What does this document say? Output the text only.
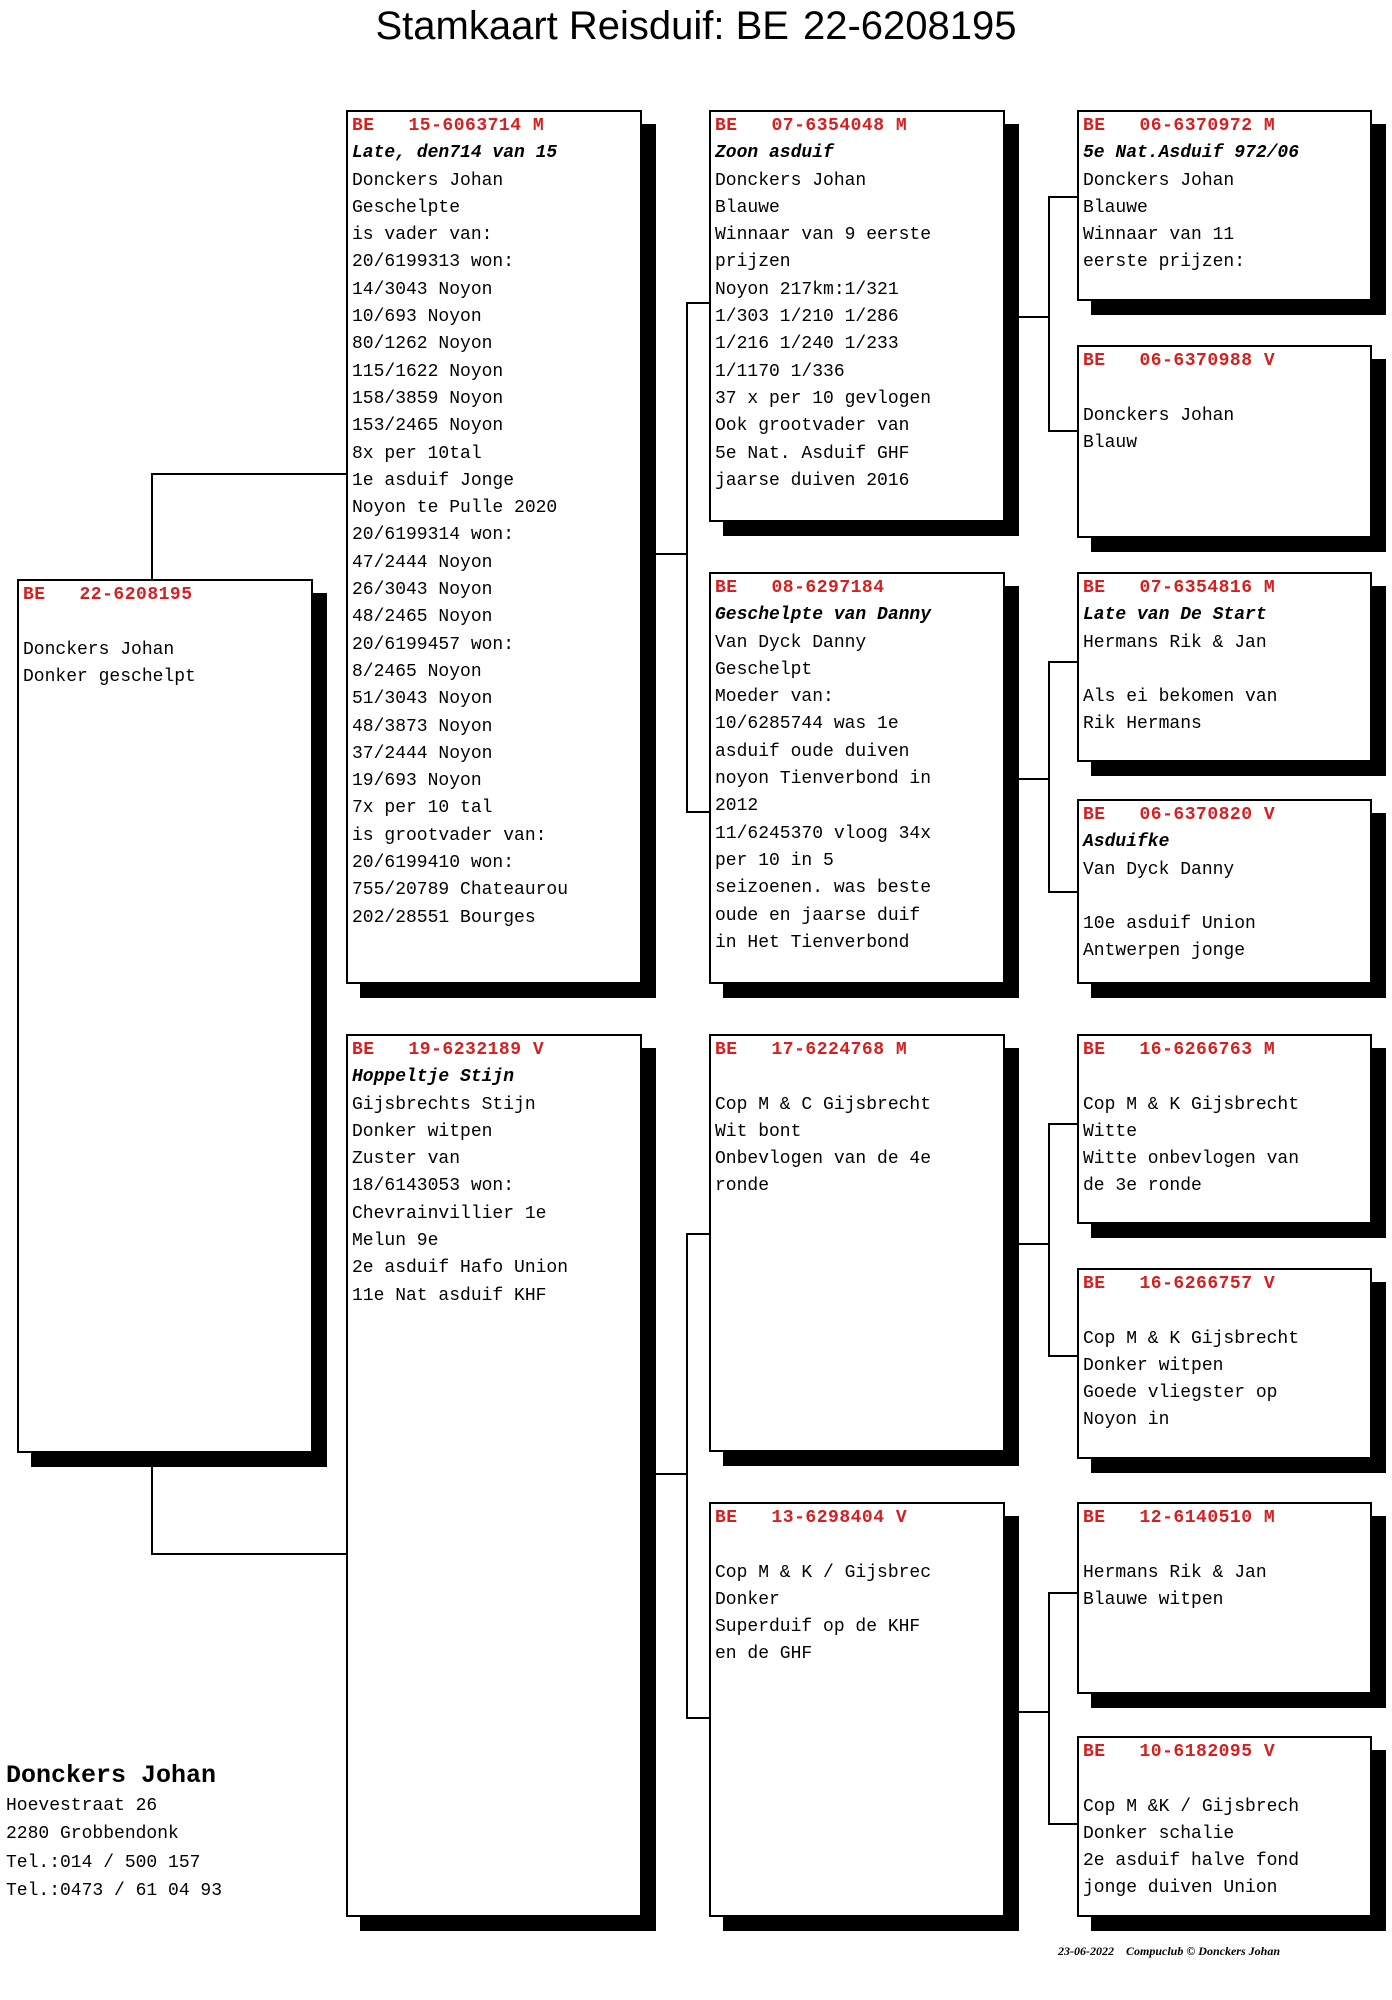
Stamkaart Reisduif: BE 22-6208195
BE   22-6208195

Donckers Johan
Donker geschelpt
BE   15-6063714 M
Late, den714 van 15
Donckers Johan
Geschelpte
is vader van:
20/6199313 won:
14/3043 Noyon
10/693 Noyon
80/1262 Noyon
115/1622 Noyon
158/3859 Noyon
153/2465 Noyon
8x per 10tal
1e asduif Jonge
Noyon te Pulle 2020
20/6199314 won:
47/2444 Noyon
26/3043 Noyon
48/2465 Noyon
20/6199457 won:
8/2465 Noyon
51/3043 Noyon
48/3873 Noyon
37/2444 Noyon
19/693 Noyon
7x per 10 tal
is grootvader van:
20/6199410 won:
755/20789 Chateaurou
202/28551 Bourges
BE   19-6232189 V
Hoppeltje Stijn
Gijsbrechts Stijn
Donker witpen
Zuster van
18/6143053 won:
Chevrainvillier 1e
Melun 9e
2e asduif Hafo Union
11e Nat asduif KHF
BE   07-6354048 M
Zoon asduif
Donckers Johan
Blauwe
Winnaar van 9 eerste
prijzen
Noyon 217km:1/321
1/303 1/210 1/286
1/216 1/240 1/233
1/1170 1/336
37 x per 10 gevlogen
Ook grootvader van
5e Nat. Asduif GHF
jaarse duiven 2016
BE   08-6297184
Geschelpte van Danny
Van Dyck Danny
Geschelpt
Moeder van:
10/6285744 was 1e
asduif oude duiven
noyon Tienverbond in
2012
11/6245370 vloog 34x
per 10 in 5
seizoenen. was beste
oude en jaarse duif
in Het Tienverbond
BE   17-6224768 M
Cop M & C Gijsbrecht
Wit bont
Onbevlogen van de 4e
ronde
BE   13-6298404 V
Cop M & K / Gijsbrec
Donker
Superduif op de KHF
en de GHF
BE   06-6370972 M
5e Nat.Asduif 972/06
Donckers Johan
Blauwe
Winnaar van 11
eerste prijzen:
BE   06-6370988 V
Donckers Johan
Blauw
BE   07-6354816 M
Late van De Start
Hermans Rik & Jan

Als ei bekomen van
Rik Hermans
BE   06-6370820 V
Asduifke
Van Dyck Danny

10e asduif Union
Antwerpen jonge
BE   16-6266763 M
Cop M & K Gijsbrecht
Witte
Witte onbevlogen van
de 3e ronde
BE   16-6266757 V
Cop M & K Gijsbrecht
Donker witpen
Goede vliegster op
Noyon in
BE   12-6140510 M
Hermans Rik & Jan
Blauwe witpen
BE   10-6182095 V
Cop M &K / Gijsbrech
Donker schalie
2e asduif halve fond
jonge duiven Union
Donckers Johan
Hoevestraat 26
2280 Grobbendonk
Tel.:014 / 500 157
Tel.:0473 / 61 04 93
23-06-2022 Compuclub © Donckers Johan
